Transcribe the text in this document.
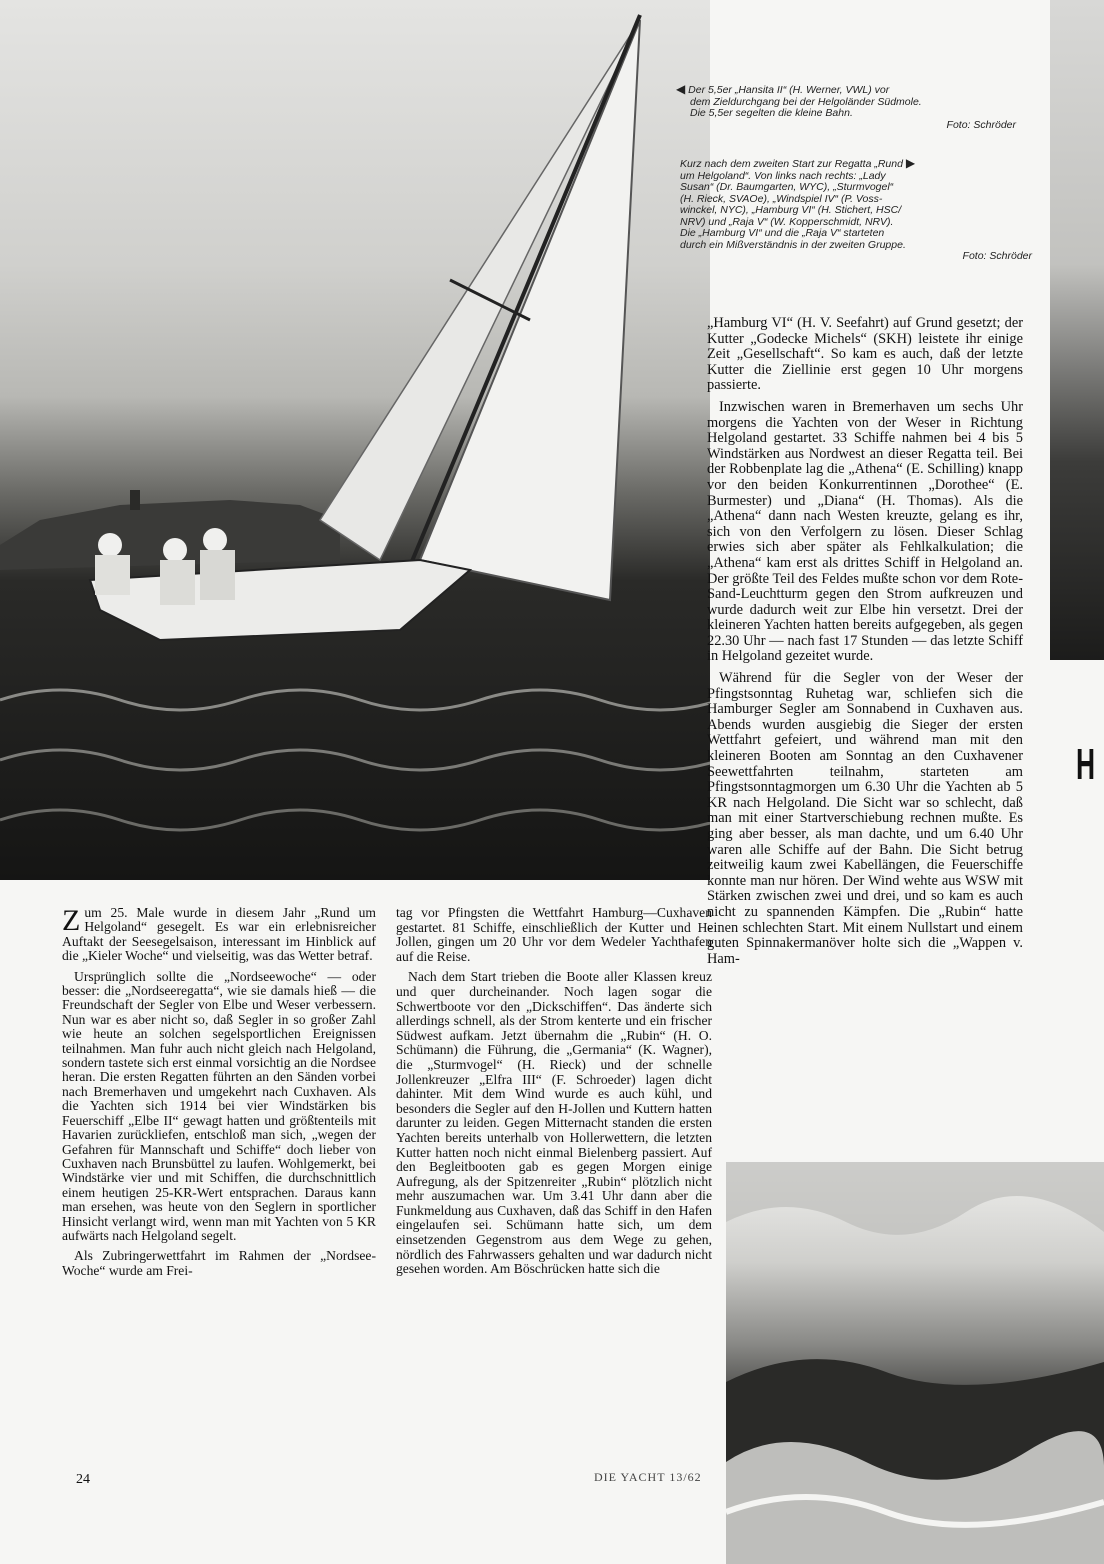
H
◀ Der 5,5er „Hansita II“ (H. Werner, VWL) vor
dem Zieldurchgang bei der Helgoländer Südmole.
Die 5,5er segelten die kleine Bahn.
Foto: Schröder
Kurz nach dem zweiten Start zur Regatta „Rund ▶
um Helgoland“. Von links nach rechts: „Lady
Susan“ (Dr. Baumgarten, WYC), „Sturmvogel“
(H. Rieck, SVAOe), „Windspiel IV“ (P. Voss-
winckel, NYC), „Hamburg VI“ (H. Stichert, HSC/
NRV) und „Raja V“ (W. Kopperschmidt, NRV).
Die „Hamburg VI“ und die „Raja V“ starteten
durch ein Mißverständnis in der zweiten Gruppe.
Foto: Schröder

„Hamburg VI“ (H. V. Seefahrt) auf Grund gesetzt; der Kutter „Godecke Michels“ (SKH) leistete ihr einige Zeit „Gesellschaft“. So kam es auch, daß der letzte Kutter die Ziellinie erst gegen 10 Uhr morgens passierte.

Inzwischen waren in Bremerhaven um sechs Uhr morgens die Yachten von der Weser in Richtung Helgoland gestartet. 33 Schiffe nahmen bei 4 bis 5 Windstärken aus Nordwest an dieser Regatta teil. Bei der Robbenplate lag die „Athena“ (E. Schilling) knapp vor den beiden Konkurrentinnen „Dorothee“ (E. Burmester) und „Diana“ (H. Thomas). Als die „Athena“ dann nach Westen kreuzte, gelang es ihr, sich von den Verfolgern zu lösen. Dieser Schlag erwies sich aber später als Fehlkalkulation; die „Athena“ kam erst als drittes Schiff in Helgoland an. Der größte Teil des Feldes mußte schon vor dem Rote-Sand-Leuchtturm gegen den Strom aufkreuzen und wurde dadurch weit zur Elbe hin versetzt. Drei der kleineren Yachten hatten bereits aufgegeben, als gegen 22.30 Uhr — nach fast 17 Stunden — das letzte Schiff in Helgoland gezeitet wurde.

Während für die Segler von der Weser der Pfingstsonntag Ruhetag war, schliefen sich die Hamburger Segler am Sonnabend in Cuxhaven aus. Abends wurden ausgiebig die Sieger der ersten Wettfahrt gefeiert, und während man mit den kleineren Booten am Sonntag an den Cuxhavener Seewettfahrten teilnahm, starteten am Pfingstsonntagmorgen um 6.30 Uhr die Yachten ab 5 KR nach Helgoland. Die Sicht war so schlecht, daß man mit einer Startverschiebung rechnen mußte. Es ging aber besser, als man dachte, und um 6.40 Uhr waren alle Schiffe auf der Bahn. Die Sicht betrug zeitweilig kaum zwei Kabellängen, die Feuerschiffe konnte man nur hören. Der Wind wehte aus WSW mit Stärken zwischen zwei und drei, und so kam es auch nicht zu spannenden Kämpfen. Die „Rubin“ hatte einen schlechten Start. Mit einem Nullstart und einem guten Spinnakermanöver holte sich die „Wappen v. Ham-

Zum 25. Male wurde in diesem Jahr „Rund um Helgoland“ gesegelt. Es war ein erlebnisreicher Auftakt der Seesegelsaison, interessant im Hinblick auf die „Kieler Woche“ und vielseitig, was das Wetter betraf.

Ursprünglich sollte die „Nordseewoche“ — oder besser: die „Nordseeregatta“, wie sie damals hieß — die Freundschaft der Segler von Elbe und Weser verbessern. Nun war es aber nicht so, daß Segler in so großer Zahl wie heute an solchen segelsportlichen Ereignissen teilnahmen. Man fuhr auch nicht gleich nach Helgoland, sondern tastete sich erst einmal vorsichtig an die Nordsee heran. Die ersten Regatten führten an den Sänden vorbei nach Bremerhaven und umgekehrt nach Cuxhaven. Als die Yachten sich 1914 bei vier Windstärken bis Feuerschiff „Elbe II“ gewagt hatten und größtenteils mit Havarien zurückliefen, entschloß man sich, „wegen der Gefahren für Mannschaft und Schiffe“ doch lieber von Cuxhaven nach Brunsbüttel zu laufen. Wohlgemerkt, bei Windstärke vier und mit Schiffen, die durchschnittlich einem heutigen 25-KR-Wert entsprachen. Daraus kann man ersehen, was heute von den Seglern in sportlicher Hinsicht verlangt wird, wenn man mit Yachten von 5 KR aufwärts nach Helgoland segelt.

Als Zubringerwettfahrt im Rahmen der „Nordsee-Woche“ wurde am Frei-

tag vor Pfingsten die Wettfahrt Hamburg—Cuxhaven gestartet. 81 Schiffe, einschließlich der Kutter und H-Jollen, gingen um 20 Uhr vor dem Wedeler Yachthafen auf die Reise.

Nach dem Start trieben die Boote aller Klassen kreuz und quer durcheinander. Noch lagen sogar die Schwertboote vor den „Dickschiffen“. Das änderte sich allerdings schnell, als der Strom kenterte und ein frischer Südwest aufkam. Jetzt übernahm die „Rubin“ (H. O. Schümann) die Führung, die „Germania“ (K. Wagner), die „Sturmvogel“ (H. Rieck) und der schnelle Jollenkreuzer „Elfra III“ (F. Schroeder) lagen dicht dahinter. Mit dem Wind wurde es auch kühl, und besonders die Segler auf den H-Jollen und Kuttern hatten darunter zu leiden. Gegen Mitternacht standen die ersten Yachten bereits unterhalb von Hollerwettern, die letzten Kutter hatten noch nicht einmal Bielenberg passiert. Auf den Begleitbooten gab es gegen Morgen einige Aufregung, als der Spitzenreiter „Rubin“ plötzlich nicht mehr auszumachen war. Um 3.41 Uhr dann aber die Funkmeldung aus Cuxhaven, daß das Schiff in den Hafen eingelaufen sei. Schümann hatte sich, um dem einsetzenden Gegenstrom aus dem Wege zu gehen, nördlich des Fahrwassers gehalten und war dadurch nicht gesehen worden. Am Böschrücken hatte sich die

24	DIE YACHT 13/62
